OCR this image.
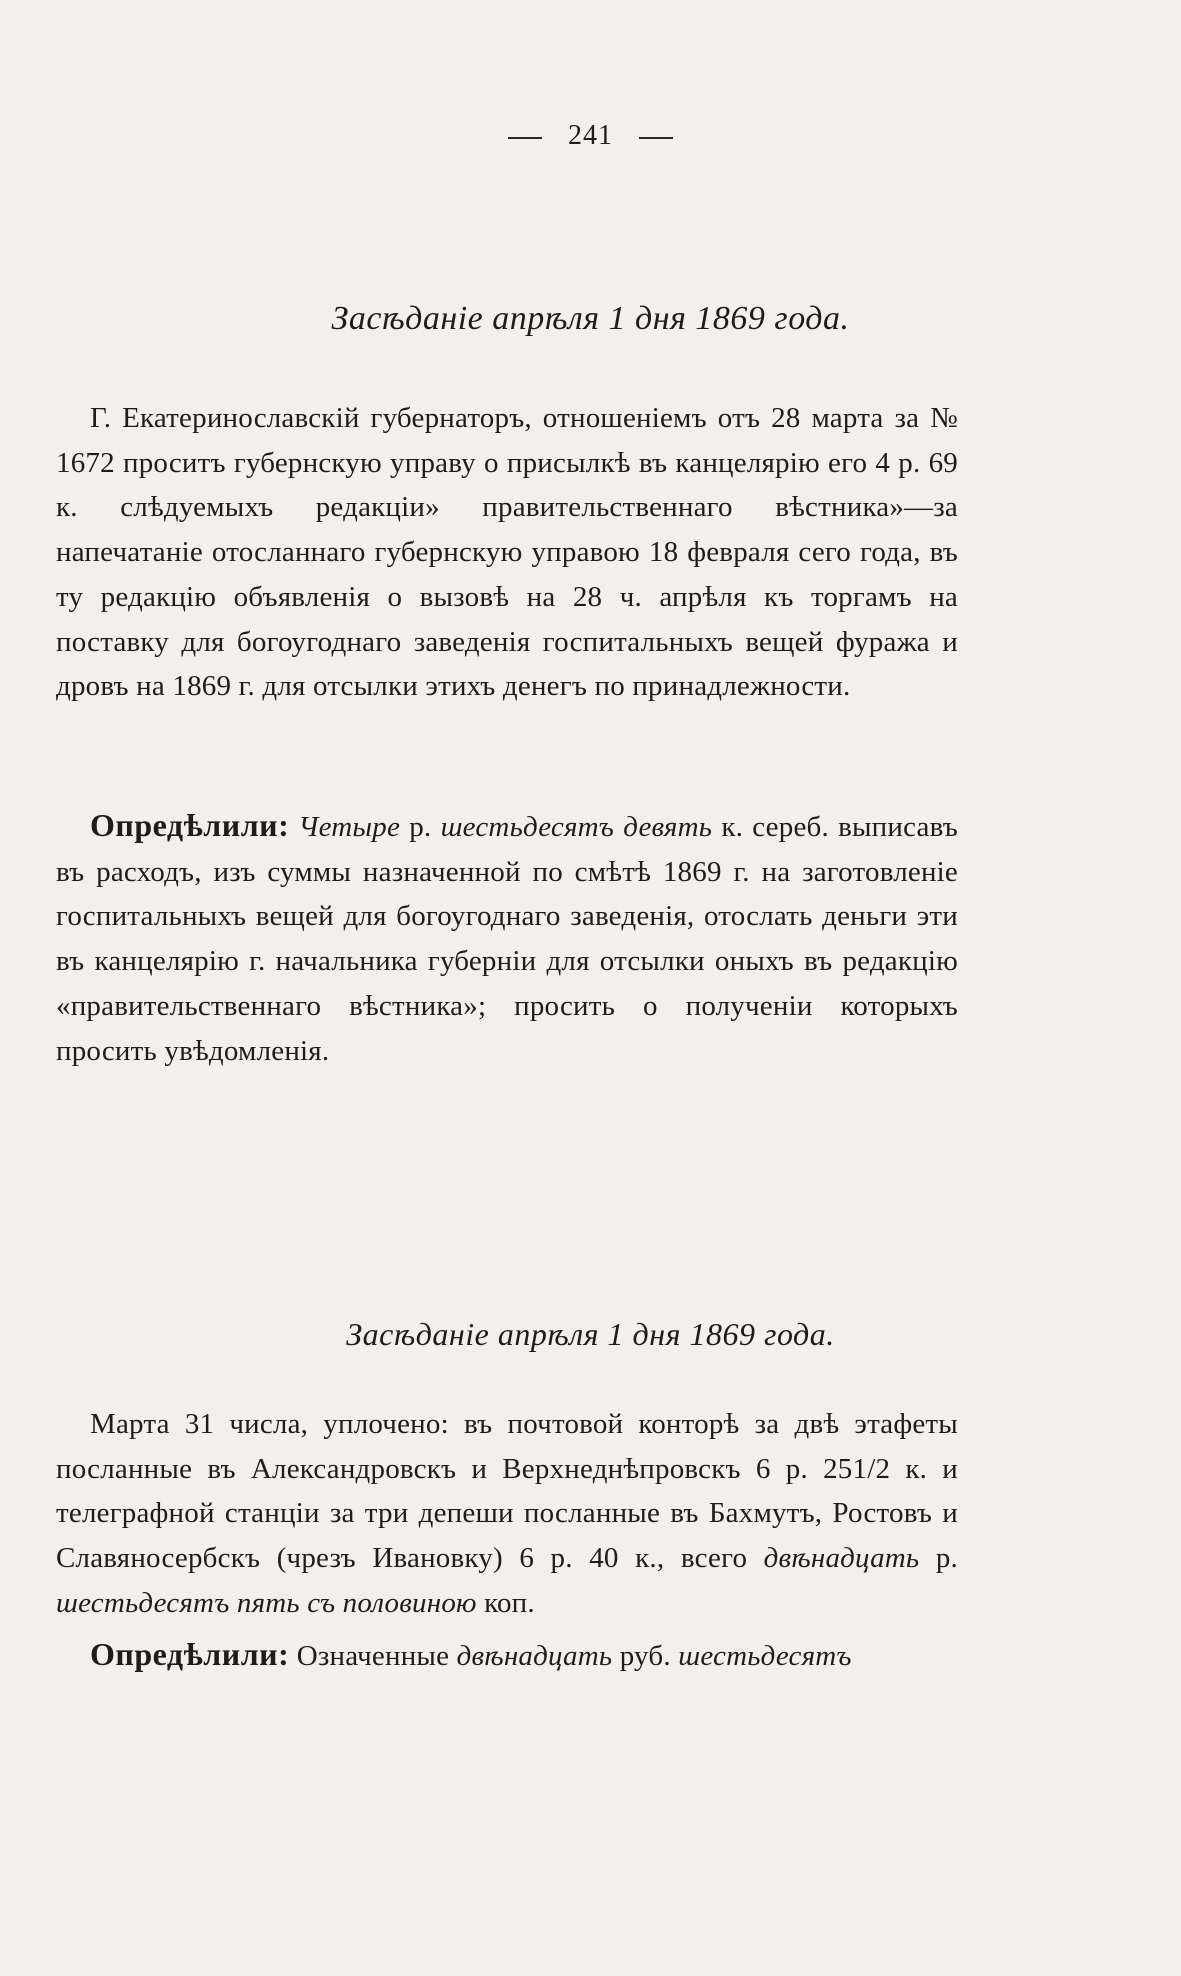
241
Засѣданіе апрѣля 1 дня 1869 года.

Г. Екатеринославскій губернаторъ, отношеніемъ отъ 28 марта за № 1672 проситъ губернскую управу о присылкѣ въ канцелярію его 4 р. 69 к. слѣдуемыхъ редакціи» правительственнаго вѣстника»—за напечатаніе отосланнаго губернскую управою 18 февраля сего года, въ ту редакцію объявленія о вызовѣ на 28 ч. апрѣля къ торгамъ на поставку для богоугоднаго заведенія госпитальныхъ вещей фуража и дровъ на 1869 г. для отсылки этихъ денегъ по принадлежности.

Опредѣлили: Четыре р. шестьдесятъ девять к. сереб. выписавъ въ расходъ, изъ суммы назначенной по смѣтѣ 1869 г. на заготовленіе госпитальныхъ вещей для богоугоднаго заведенія, отослать деньги эти въ канцелярію г. начальника губерніи для отсылки оныхъ въ редакцію «правительственнаго вѣстника»; просить о полученіи которыхъ просить увѣдомленія.

Засѣданіе апрѣля 1 дня 1869 года.

Марта 31 числа, уплочено: въ почтовой конторѣ за двѣ этафеты посланные въ Александровскъ и Верхнеднѣпровскъ 6 р. 251/2 к. и телеграфной станціи за три депеши посланные въ Бахмутъ, Ростовъ и Славяносербскъ (чрезъ Ивановку) 6 р. 40 к., всего двѣнадцать р. шестьдесятъ пять съ половиною коп.

Опредѣлили: Означенные двѣнадцать руб. шестьдесятъ
